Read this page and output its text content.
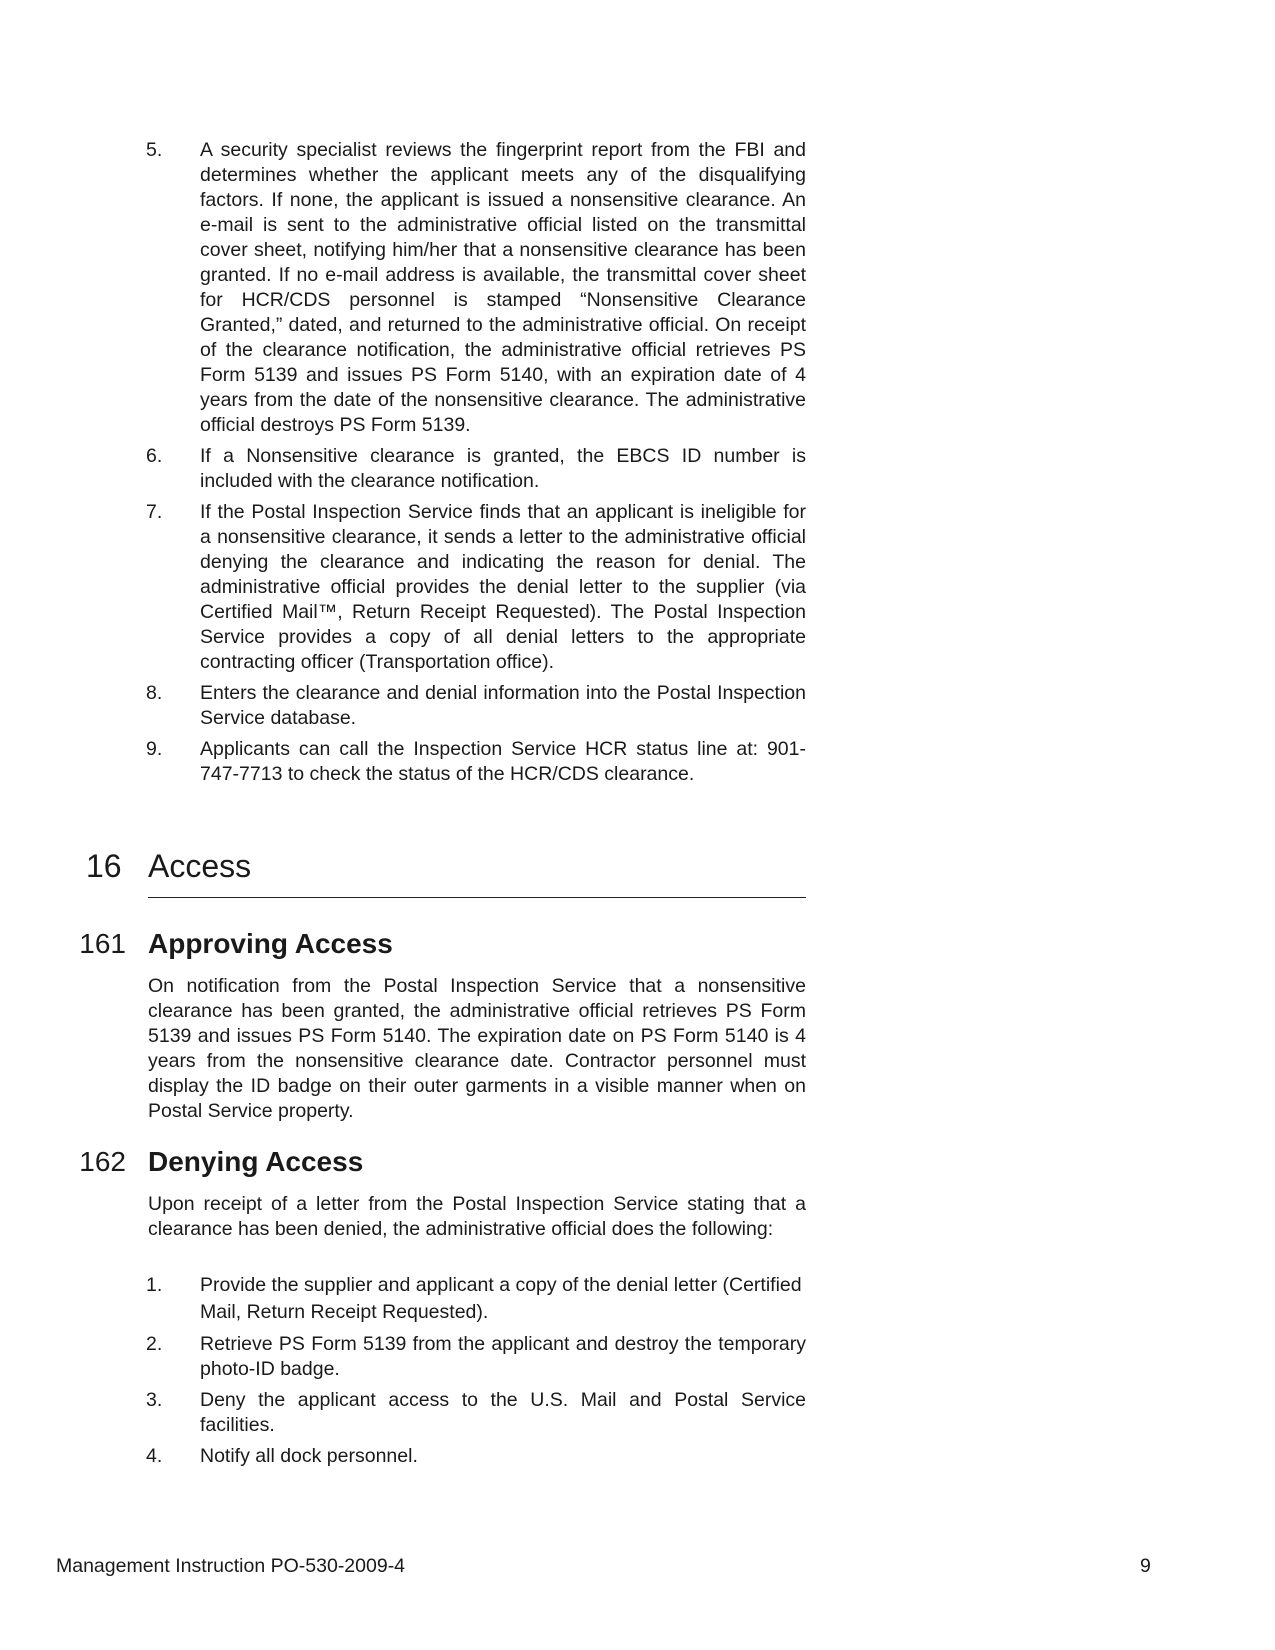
5.	A security specialist reviews the fingerprint report from the FBI and determines whether the applicant meets any of the disqualifying factors. If none, the applicant is issued a nonsensitive clearance. An e-mail is sent to the administrative official listed on the transmittal cover sheet, notifying him/her that a nonsensitive clearance has been granted. If no e-mail address is available, the transmittal cover sheet for HCR/CDS personnel is stamped “Nonsensitive Clearance Granted,” dated, and returned to the administrative official. On receipt of the clearance notification, the administrative official retrieves PS Form 5139 and issues PS Form 5140, with an expiration date of 4 years from the date of the nonsensitive clearance. The administrative official destroys PS Form 5139.
6.	If a Nonsensitive clearance is granted, the EBCS ID number is included with the clearance notification.
7.	If the Postal Inspection Service finds that an applicant is ineligible for a nonsensitive clearance, it sends a letter to the administrative official denying the clearance and indicating the reason for denial. The administrative official provides the denial letter to the supplier (via Certified Mail™, Return Receipt Requested). The Postal Inspection Service provides a copy of all denial letters to the appropriate contracting officer (Transportation office).
8.	Enters the clearance and denial information into the Postal Inspection Service database.
9.	Applicants can call the Inspection Service HCR status line at: 901-747-7713 to check the status of the HCR/CDS clearance.
16 Access
161 Approving Access
On notification from the Postal Inspection Service that a nonsensitive clearance has been granted, the administrative official retrieves PS Form 5139 and issues PS Form 5140. The expiration date on PS Form 5140 is 4 years from the nonsensitive clearance date. Contractor personnel must display the ID badge on their outer garments in a visible manner when on Postal Service property.
162 Denying Access
Upon receipt of a letter from the Postal Inspection Service stating that a clearance has been denied, the administrative official does the following:
1.	Provide the supplier and applicant a copy of the denial letter (Certified Mail, Return Receipt Requested).
2.	Retrieve PS Form 5139 from the applicant and destroy the temporary photo-ID badge.
3.	Deny the applicant access to the U.S. Mail and Postal Service facilities.
4.	Notify all dock personnel.
Management Instruction PO-530-2009-4	9
